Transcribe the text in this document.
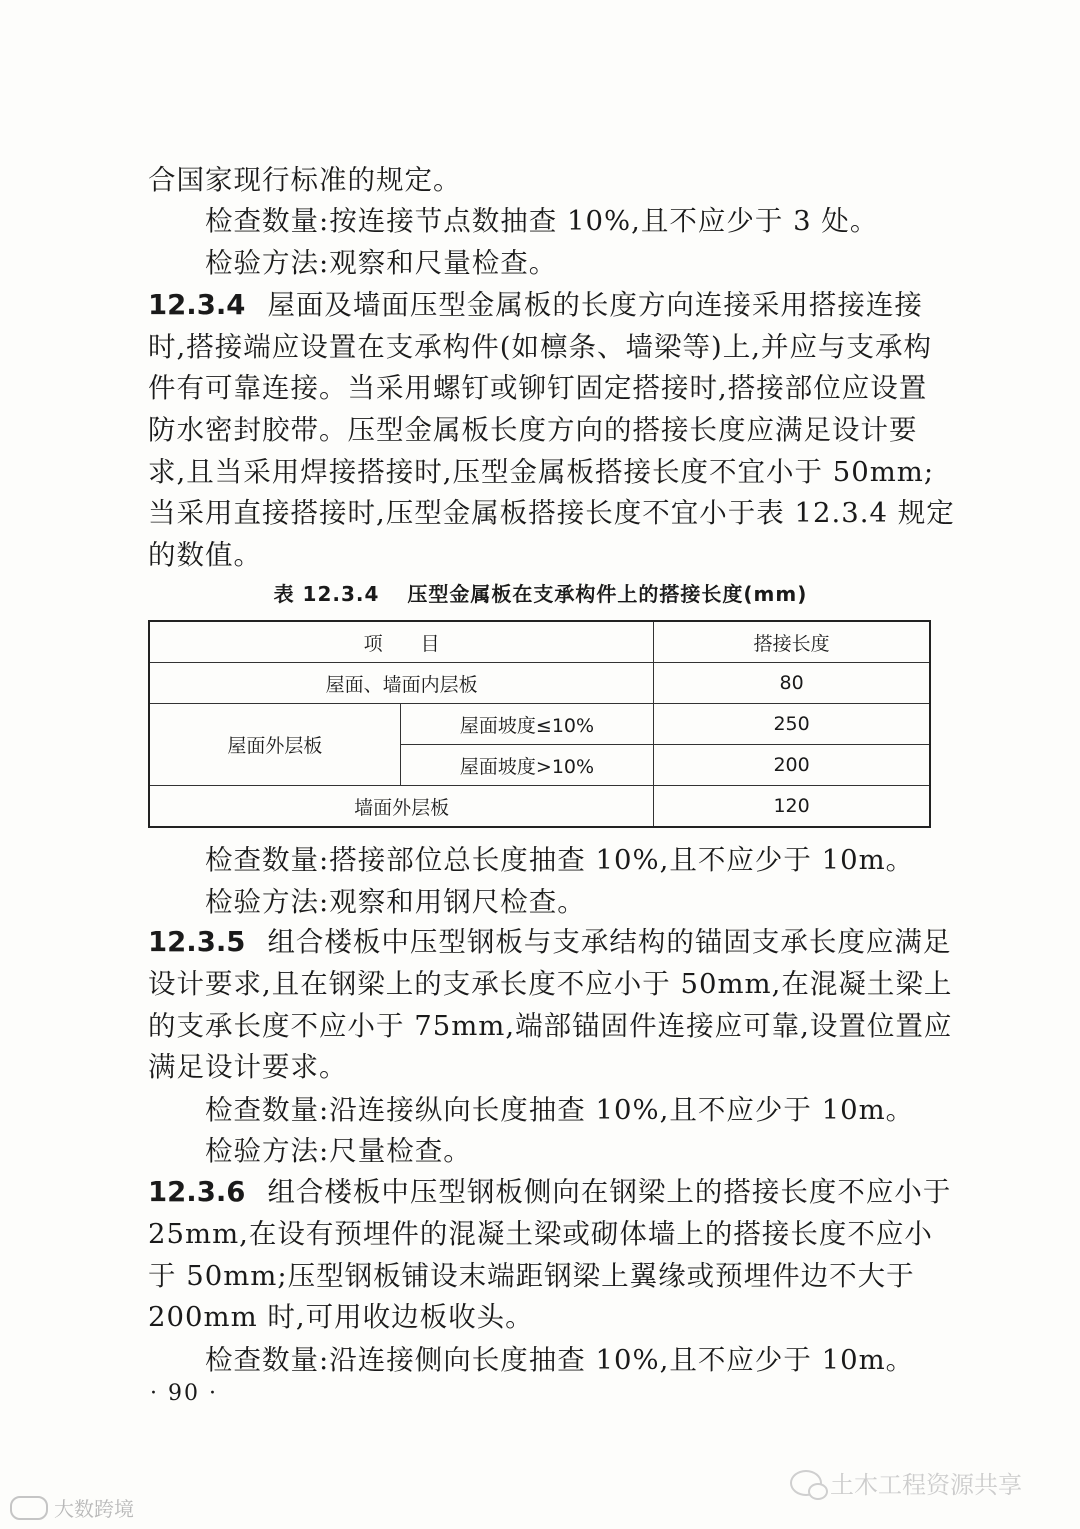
合国家现行标准的规定。
检查数量:按连接节点数抽查 10%,且不应少于 3 处。
检验方法:观察和尺量检查。
12.3.4 屋面及墙面压型金属板的长度方向连接采用搭接连接
时,搭接端应设置在支承构件(如檩条、墙梁等)上,并应与支承构
件有可靠连接。当采用螺钉或铆钉固定搭接时,搭接部位应设置
防水密封胶带。压型金属板长度方向的搭接长度应满足设计要
求,且当采用焊接搭接时,压型金属板搭接长度不宜小于 50mm;
当采用直接搭接时,压型金属板搭接长度不宜小于表 12.3.4 规定
的数值。
表 12.3.4 压型金属板在支承构件上的搭接长度(mm)
项　　目		搭接长度
屋面、墙面内层板		80
屋面外层板	屋面坡度≤10%	250
	屋面坡度>10%	200
墙面外层板		120
检查数量:搭接部位总长度抽查 10%,且不应少于 10m。
检验方法:观察和用钢尺检查。
12.3.5 组合楼板中压型钢板与支承结构的锚固支承长度应满足
设计要求,且在钢梁上的支承长度不应小于 50mm,在混凝土梁上
的支承长度不应小于 75mm,端部锚固件连接应可靠,设置位置应
满足设计要求。
检查数量:沿连接纵向长度抽查 10%,且不应少于 10m。
检验方法:尺量检查。
12.3.6 组合楼板中压型钢板侧向在钢梁上的搭接长度不应小于
25mm,在设有预埋件的混凝土梁或砌体墙上的搭接长度不应小
于 50mm;压型钢板铺设末端距钢梁上翼缘或预埋件边不大于
200mm 时,可用收边板收头。
检查数量:沿连接侧向长度抽查 10%,且不应少于 10m。
· 90 ·
大数跨境
土木工程资源共享
